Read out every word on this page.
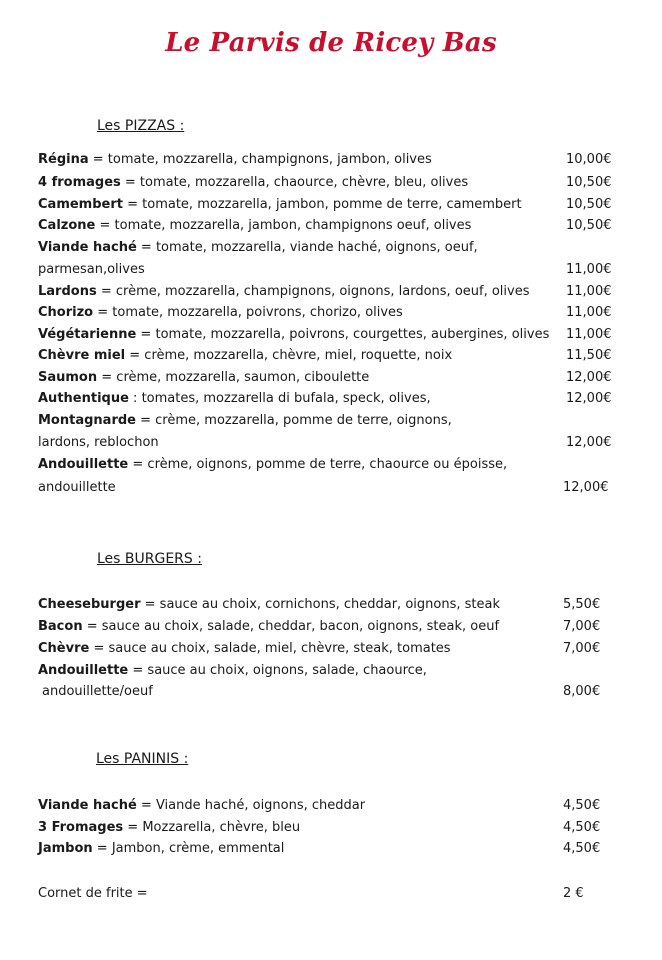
Le Parvis de Ricey Bas
Les PIZZAS :
Régina = tomate, mozzarella, champignons, jambon, olives	10,00€
4 fromages = tomate, mozzarella, chaource, chèvre, bleu, olives	10,50€
Camembert = tomate, mozzarella, jambon, pomme de terre, camembert	10,50€
Calzone = tomate, mozzarella, jambon, champignons oeuf, olives	10,50€
Viande haché = tomate, mozzarella, viande haché, oignons, oeuf,
parmesan,olives	11,00€
Lardons = crème, mozzarella, champignons, oignons, lardons, oeuf, olives	11,00€
Chorizo = tomate, mozzarella, poivrons, chorizo, olives	11,00€
Végétarienne = tomate, mozzarella, poivrons, courgettes, aubergines, olives 11,00€
Chèvre miel = crème, mozzarella, chèvre, miel, roquette, noix	11,50€
Saumon = crème, mozzarella, saumon, ciboulette	12,00€
Authentique : tomates, mozzarella di bufala, speck, olives,	12,00€
Montagnarde = crème, mozzarella, pomme de terre, oignons,
lardons, reblochon	12,00€
Andouillette = crème, oignons, pomme de terre, chaource ou époisse,
andouillette	12,00€
Les BURGERS :
Cheeseburger = sauce au choix, cornichons, cheddar, oignons, steak	5,50€
Bacon = sauce au choix, salade, cheddar, bacon, oignons, steak, oeuf	7,00€
Chèvre = sauce au choix, salade, miel, chèvre, steak, tomates	7,00€
Andouillette = sauce au choix, oignons, salade, chaource,
andouillette/oeuf	8,00€
Les PANINIS :
Viande haché = Viande haché, oignons, cheddar	4,50€
3 Fromages = Mozzarella, chèvre, bleu	4,50€
Jambon = Jambon, crème, emmental	4,50€
Cornet de frite =	2 €
